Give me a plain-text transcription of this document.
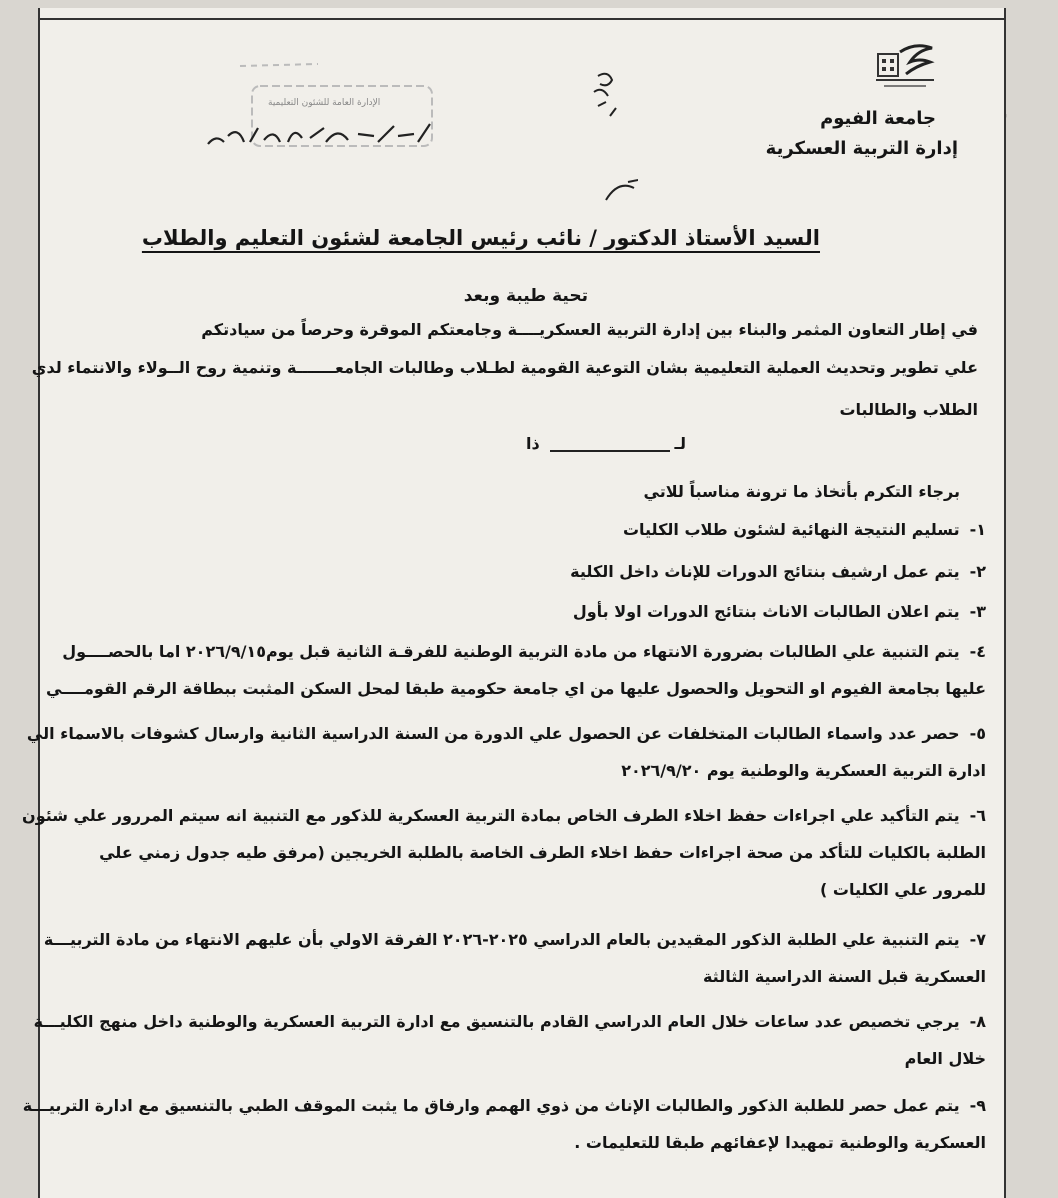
'
جامعة الفيوم
إدارة التربية العسكرية
الإدارة العامة للشئون التعليمية
السيد الأستاذ الدكتور / نائب رئيس الجامعة لشئون التعليم والطلاب
تحية طيبة وبعد
في إطار التعاون المثمر والبناء بين إدارة التربية العسكريــــة وجامعتكم الموقرة وحرصاً من سيادتكم
علي تطوير وتحديث العملية التعليمية بشان التوعية القومية لطـلاب وطالبات الجامعـــــــة وتنمية روح الــولاء والانتماء لدي
الطلاب والطالبات
لـ
ذا
برجاء التكرم بأتخاذ ما ترونة مناسباً للاتي
١-تسليم النتيجة النهائية لشئون طلاب الكليات
٢-يتم عمل ارشيف بنتائج الدورات للإناث داخل الكلية
٣-يتم اعلان الطالبات الاناث بنتائج الدورات اولا بأول
٤-يتم التنبية علي الطالبات بضرورة الانتهاء من مادة التربية الوطنية للفرقـة الثانية قبل يوم٢٠٢٦/٩/١٥ اما بالحصــــول
عليها بجامعة الفيوم او التحويل والحصول عليها من اي جامعة حكومية طبقا لمحل السكن المثبت ببطاقة الرقم القومــــي
٥-حصر عدد واسماء الطالبات المتخلفات عن الحصول علي الدورة من السنة الدراسية الثانية وارسال كشوفات بالاسماء الي
ادارة التربية العسكرية والوطنية يوم ٢٠٢٦/٩/٢٠
٦-يتم التأكيد علي اجراءات حفظ اخلاء الطرف الخاص بمادة التربية العسكرية للذكور مع التنبية انه سيتم المررور علي شئون
الطلبة بالكليات للتأكد من صحة اجراءات حفظ اخلاء الطرف الخاصة بالطلبة الخريجين (مرفق طيه جدول زمني علي
للمرور علي الكليات )
٧-يتم التنبية علي الطلبة الذكور المقيدين بالعام الدراسي ٢٠٢٥-٢٠٢٦ الفرقة الاولي بأن عليهم الانتهاء من مادة التربيـــة
العسكرية قبل السنة الدراسية الثالثة
٨-يرجي تخصيص عدد ساعات خلال العام الدراسي القادم بالتنسيق مع ادارة التربية العسكرية والوطنية داخل منهج الكليـــة
خلال العام
٩-يتم عمل حصر للطلبة الذكور والطالبات الإناث من ذوي الهمم وارفاق ما يثبت الموقف الطبي بالتنسيق مع ادارة التربيـــة
العسكرية والوطنية تمهيدا لإعفائهم طبقا للتعليمات .
